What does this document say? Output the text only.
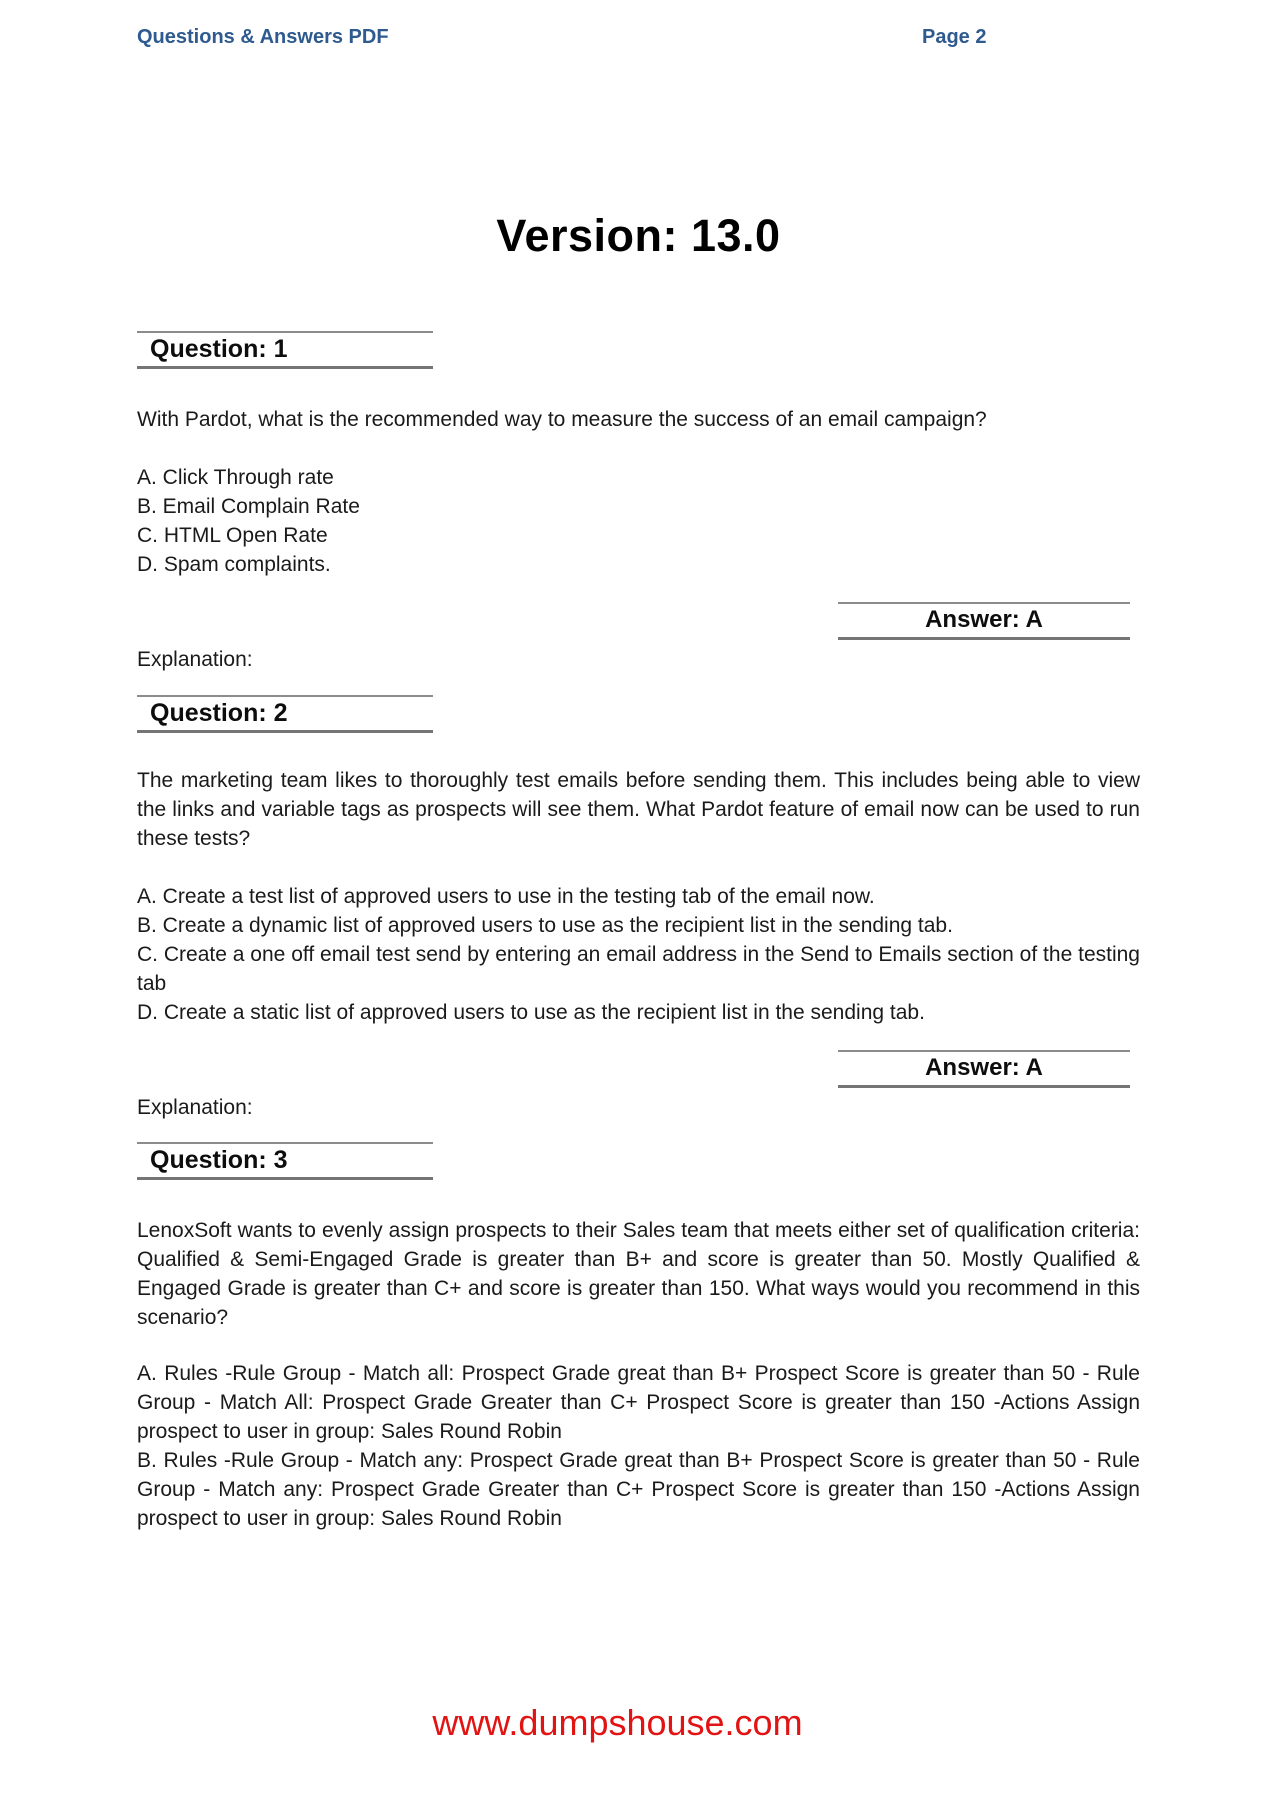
Questions & Answers PDF	Page 2
Version: 13.0
Question: 1

With Pardot, what is the recommended way to measure the success of an email campaign?

A. Click Through rate

B. Email Complain Rate

C. HTML Open Rate

D. Spam complaints.

Answer: A

Explanation:

Question: 2

The marketing team likes to thoroughly test emails before sending them. This includes being able to view the links and variable tags as prospects will see them. What Pardot feature of email now can be used to run these tests?

A. Create a test list of approved users to use in the testing tab of the email now.

B. Create a dynamic list of approved users to use as the recipient list in the sending tab.

C. Create a one off email test send by entering an email address in the Send to Emails section of the testing tab

D. Create a static list of approved users to use as the recipient list in the sending tab.

Answer: A

Explanation:

Question: 3

LenoxSoft wants to evenly assign prospects to their Sales team that meets either set of qualification criteria: Qualified & Semi-Engaged Grade is greater than B+ and score is greater than 50. Mostly Qualified & Engaged Grade is greater than C+ and score is greater than 150. What ways would you recommend in this scenario?

A. Rules -Rule Group - Match all: Prospect Grade great than B+ Prospect Score is greater than 50 - Rule Group - Match All: Prospect Grade Greater than C+ Prospect Score is greater than 150 -Actions Assign prospect to user in group: Sales Round Robin

B. Rules -Rule Group - Match any: Prospect Grade great than B+ Prospect Score is greater than 50 - Rule Group - Match any: Prospect Grade Greater than C+ Prospect Score is greater than 150 -Actions Assign prospect to user in group: Sales Round Robin

www.dumpshouse.com
